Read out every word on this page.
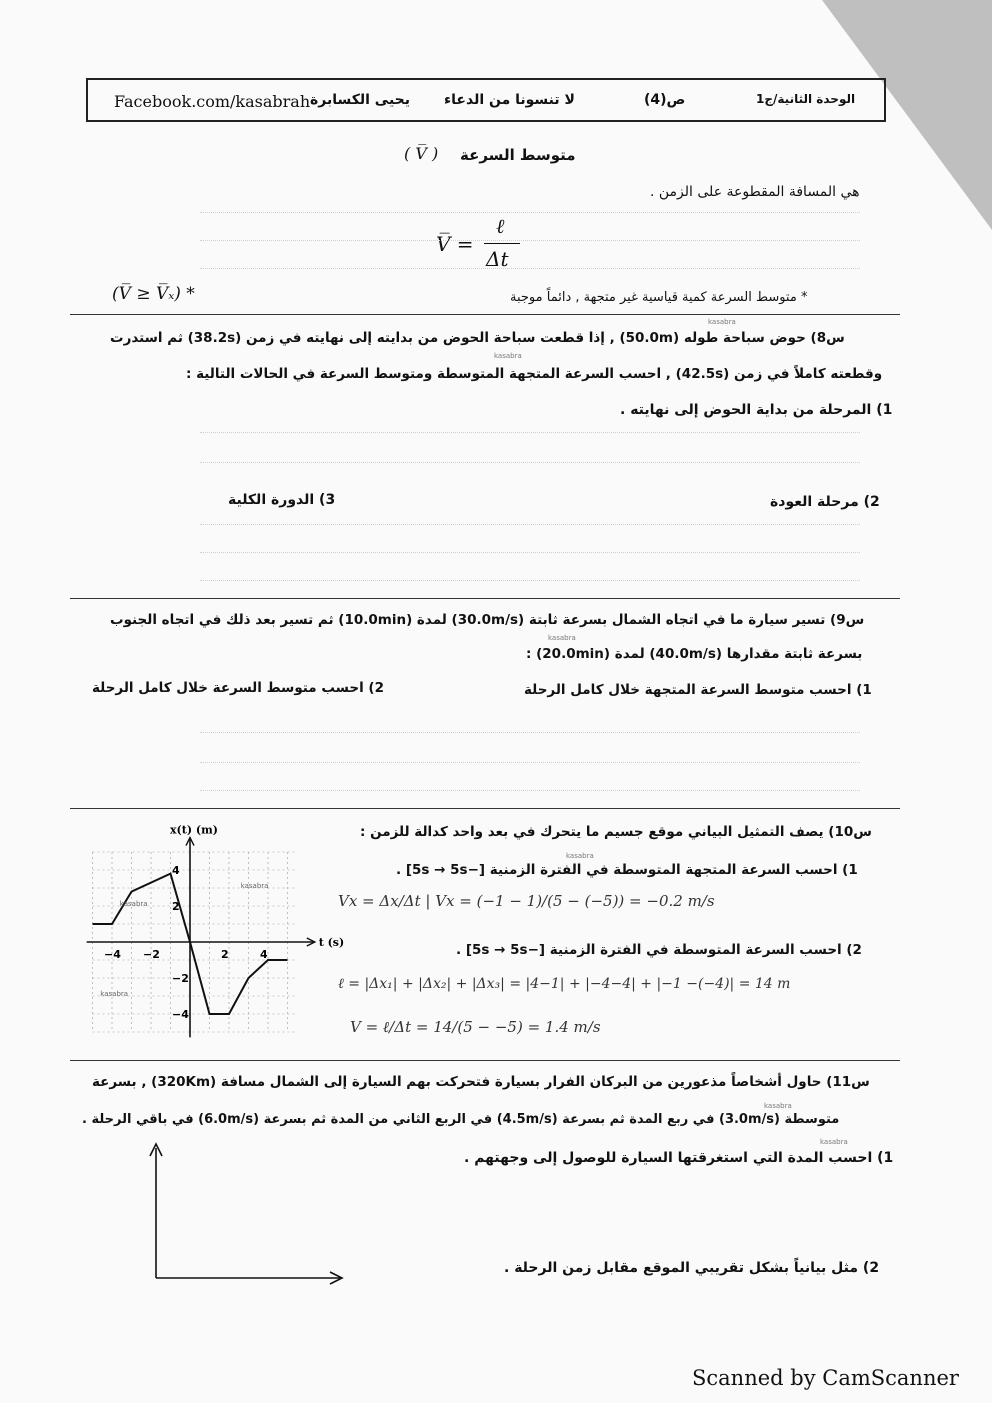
Facebook.com/kasabrah يحيى الكسابرة لا تنسونا من الدعاء	ص(4)	الوحدة الثانية/ج1
متوسط السرعة
( V̅ )
هي المسافة المقطوعة على الزمن .
V̅ =
ℓ
Δt
* متوسط السرعة كمية قياسية غير متجهة , دائماً موجبة
(V̅ ≥ V̅ₓ) *
kasabra
س8) حوض سباحة طوله (50.0m) , إذا قطعت سباحة الحوض من بدايته إلى نهايته في زمن (38.2s) ثم استدرت
kasabra
وقطعته كاملاً في زمن (42.5s) , احسب السرعة المتجهة المتوسطة ومتوسط السرعة في الحالات التالية :
1) المرحلة من بداية الحوض إلى نهايته .
2) مرحلة العودة
3) الدورة الكلية
س9) تسير سيارة ما في اتجاه الشمال بسرعة ثابتة (30.0m/s) لمدة (10.0min) ثم تسير بعد ذلك في اتجاه الجنوب
kasabra
بسرعة ثابتة مقدارها (40.0m/s) لمدة (20.0min) :
1) احسب متوسط السرعة المتجهة خلال كامل الرحلة
2) احسب متوسط السرعة خلال كامل الرحلة
x(t) (m)
t (s)
−4 −2	2	4
4
2
−2
−4
kasabra
kasabra
kasabra
س10) يصف التمثيل البياني موقع جسيم ما يتحرك في بعد واحد كدالة للزمن :
kasabra
1) احسب السرعة المتجهة المتوسطة في الفترة الزمنية [−5s → 5s] .
Vx = Δx/Δt | Vx = (−1 − 1)/(5 − (−5)) = −0.2 m/s
2) احسب السرعة المتوسطة في الفترة الزمنية [−5s → 5s] .
ℓ = |Δx₁| + |Δx₂| + |Δx₃| = |4−1| + |−4−4| + |−1 −(−4)| = 14 m
V = ℓ/Δt = 14/(5 − −5) = 1.4 m/s
س11) حاول أشخاصاً مذعورين من البركان الفرار بسيارة فتحركت بهم السيارة إلى الشمال مسافة (320Km) , بسرعة
kasabra
متوسطة (3.0m/s) في ربع المدة ثم بسرعة (4.5m/s) في الربع الثاني من المدة ثم بسرعة (6.0m/s) في باقي الرحلة .
kasabra
1) احسب المدة التي استغرقتها السيارة للوصول إلى وجهتهم .
2) مثل بيانياً بشكل تقريبي الموقع مقابل زمن الرحلة .
Scanned by CamScanner
